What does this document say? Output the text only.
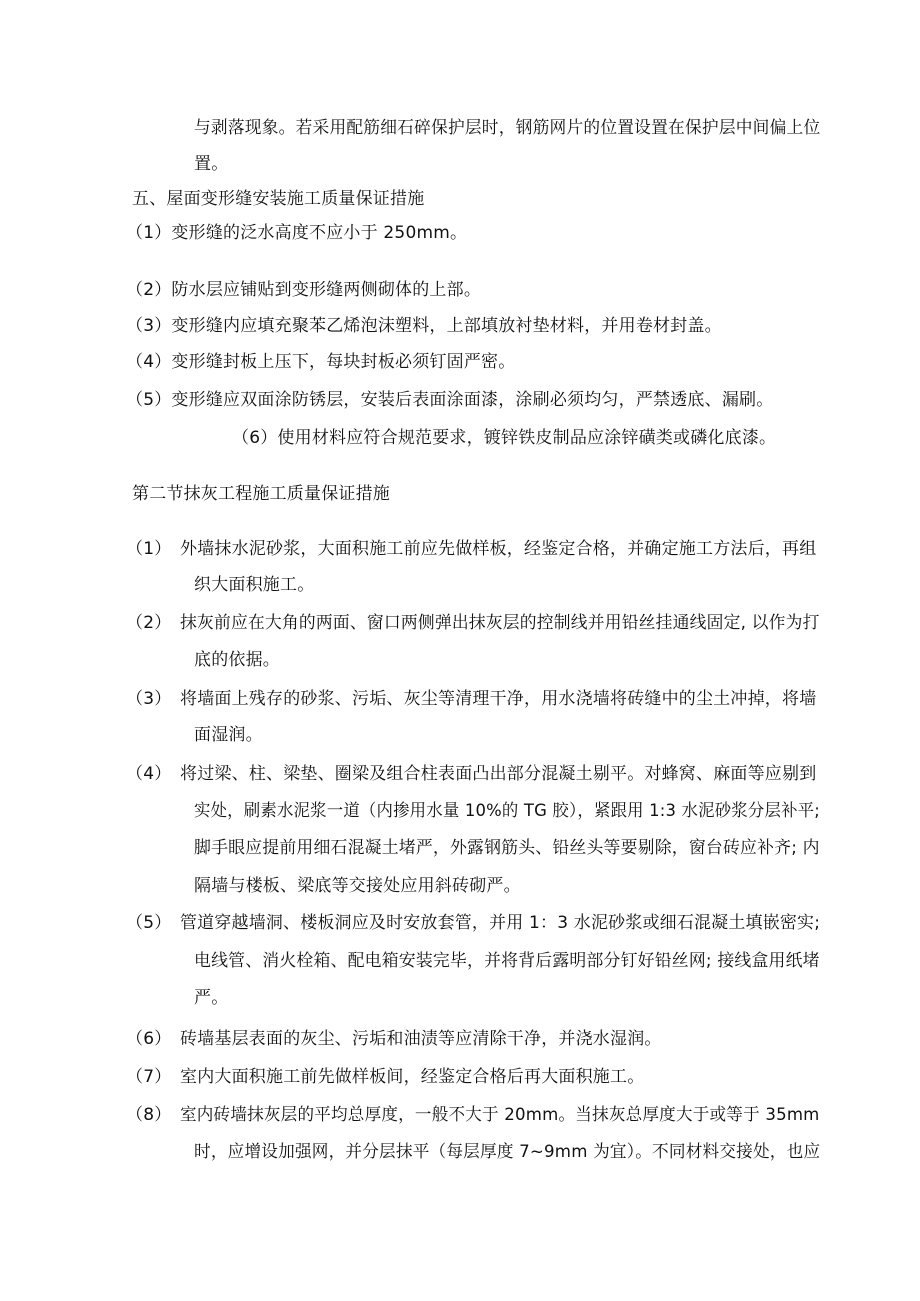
与剥落现象。若采用配筋细石碎保护层时，钢筋网片的位置设置在保护层中间偏上位
置。
五、屋面变形缝安装施工质量保证措施
（1）变形缝的泛水高度不应小于 250mm。
（2）防水层应铺贴到变形缝两侧砌体的上部。
（3）变形缝内应填充聚苯乙烯泡沫塑料，上部填放衬垫材料，并用卷材封盖。
（4）变形缝封板上压下，每块封板必须钉固严密。
（5）变形缝应双面涂防锈层，安装后表面涂面漆，涂刷必须均匀，严禁透底、漏刷。
（6）使用材料应符合规范要求，镀锌铁皮制品应涂锌磺类或磷化底漆。
第二节抹灰工程施工质量保证措施
（1） 外墙抹水泥砂浆，大面积施工前应先做样板，经鉴定合格，并确定施工方法后，再组
织大面积施工。
（2） 抹灰前应在大角的两面、窗口两侧弹出抹灰层的控制线并用铅丝挂通线固定, 以作为打
底的依据。
（3） 将墙面上残存的砂浆、污垢、灰尘等清理干净，用水浇墙将砖缝中的尘土冲掉，将墙
面湿润。
（4） 将过梁、柱、梁垫、圈梁及组合柱表面凸出部分混凝土剔平。对蜂窝、麻面等应剔到
实处，刷素水泥浆一道（内掺用水量 10%的 TG 胶），紧跟用 1:3 水泥砂浆分层补平;
脚手眼应提前用细石混凝土堵严，外露钢筋头、铅丝头等要剔除，窗台砖应补齐; 内
隔墙与楼板、梁底等交接处应用斜砖砌严。
（5） 管道穿越墙洞、楼板洞应及时安放套管，并用 1：3 水泥砂浆或细石混凝土填嵌密实;
电线管、消火栓箱、配电箱安装完毕，并将背后露明部分钉好铅丝网; 接线盒用纸堵
严。
（6） 砖墙基层表面的灰尘、污垢和油渍等应清除干净，并浇水湿润。
（7） 室内大面积施工前先做样板间，经鉴定合格后再大面积施工。
（8） 室内砖墙抹灰层的平均总厚度，一般不大于 20mm。当抹灰总厚度大于或等于 35mm
时，应增设加强网，并分层抹平（每层厚度 7~9mm 为宜）。不同材料交接处，也应
